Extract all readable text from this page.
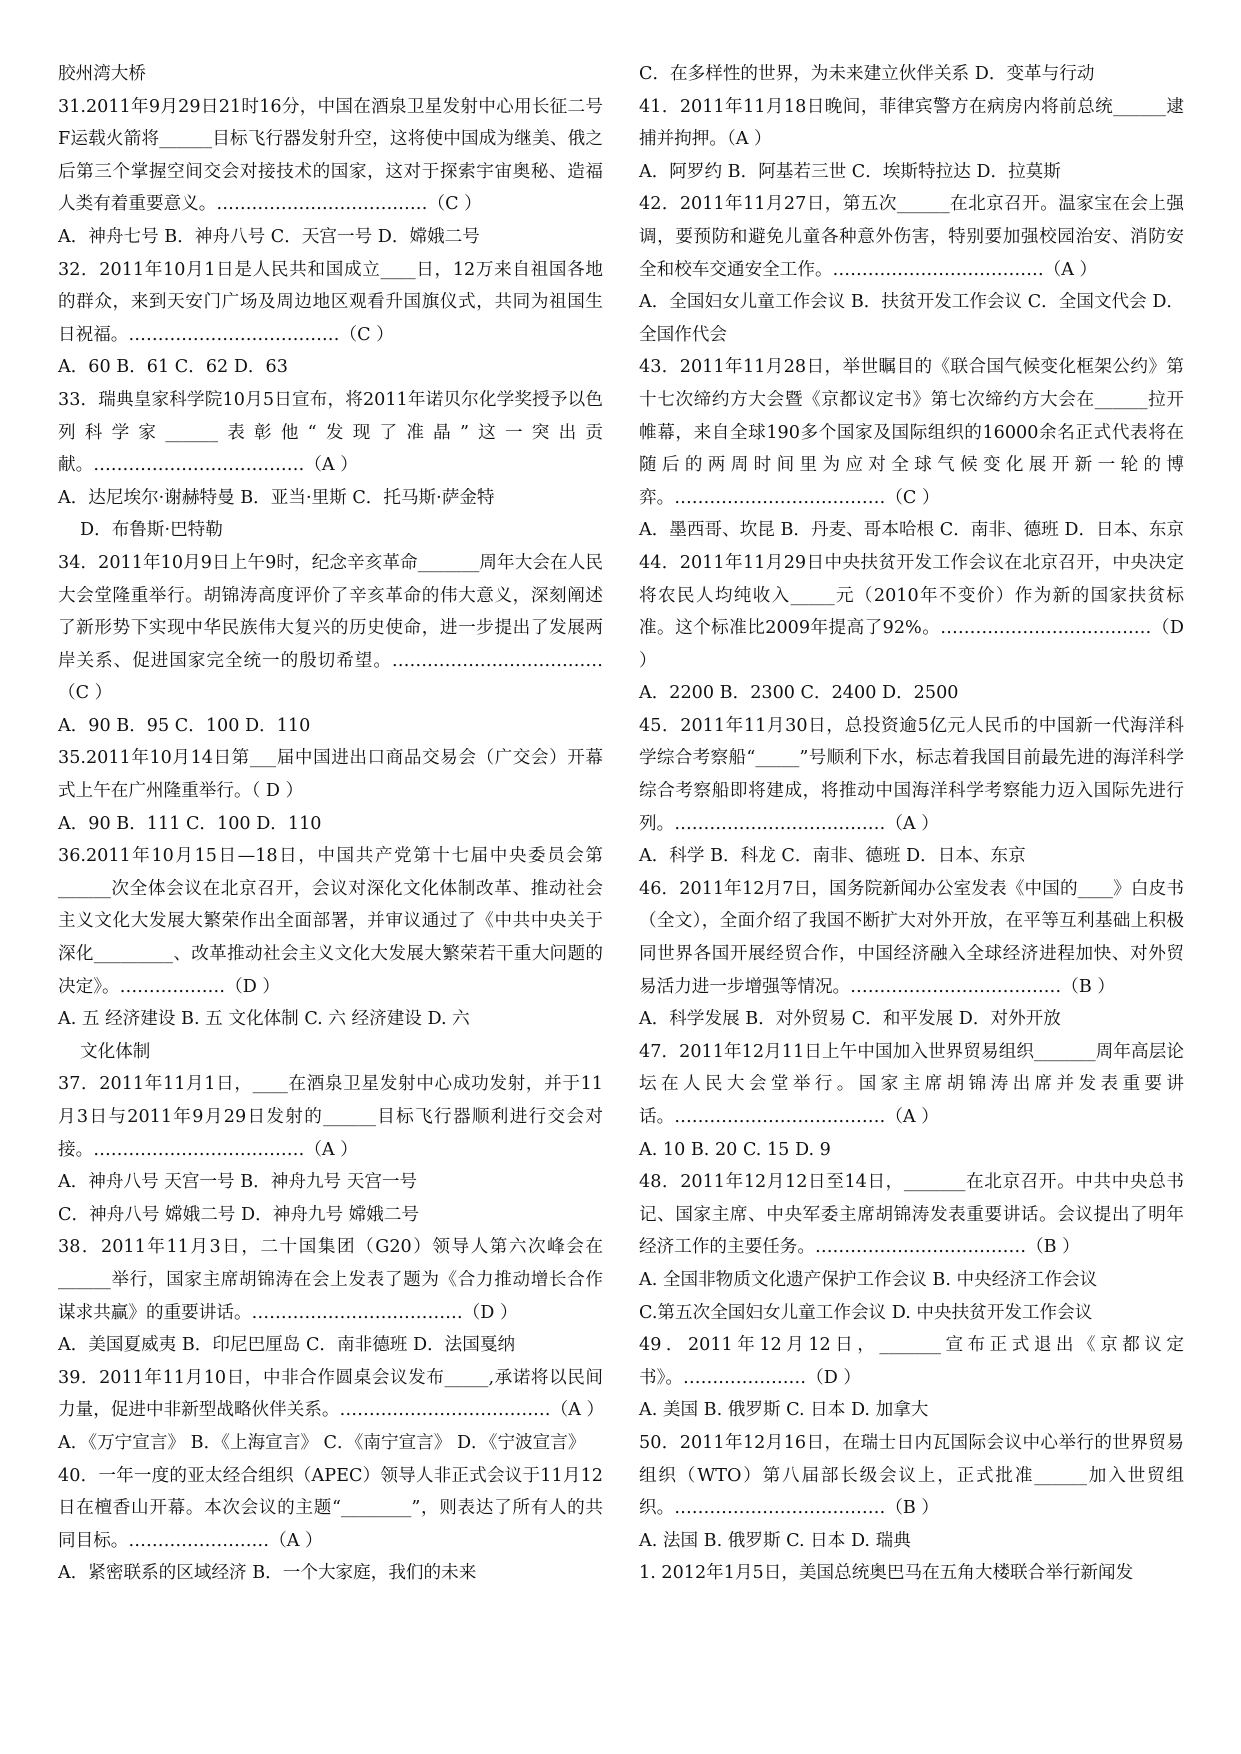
胶州湾大桥

31.2011年9月29日21时16分，中国在酒泉卫星发射中心用长征二号F运载火箭将______目标飞行器发射升空，这将使中国成为继美、俄之后第三个掌握空间交会对接技术的国家，这对于探索宇宙奥秘、造福人类有着重要意义。………………………………（C ）

A．神舟七号 B．神舟八号 C．天宫一号 D．嫦娥二号

32．2011年10月1日是人民共和国成立____日，12万来自祖国各地的群众，来到天安门广场及周边地区观看升国旗仪式，共同为祖国生日祝福。………………………………（C ）

A．60 B．61 C．62 D．63

33．瑞典皇家科学院10月5日宣布，将2011年诺贝尔化学奖授予以色列科学家______表彰他“发现了准晶”这一突出贡献。………………………………（A ）

A．达尼埃尔·谢赫特曼 B．亚当·里斯 C．托马斯·萨金特

D．布鲁斯·巴特勒

34．2011年10月9日上午9时，纪念辛亥革命_______周年大会在人民大会堂隆重举行。胡锦涛高度评价了辛亥革命的伟大意义，深刻阐述了新形势下实现中华民族伟大复兴的历史使命，进一步提出了发展两岸关系、促进国家完全统一的殷切希望。………………………………（C ）

A．90 B．95 C．100 D．110

35.2011年10月14日第___届中国进出口商品交易会（广交会）开幕式上午在广州隆重举行。（ D ）

A．90 B．111 C．100 D．110

36.2011年10月15日—18日，中国共产党第十七届中央委员会第______次全体会议在北京召开，会议对深化文化体制改革、推动社会主义文化大发展大繁荣作出全面部署，并审议通过了《中共中央关于深化_________、改革推动社会主义文化大发展大繁荣若干重大问题的决定》。………………（D ）

A. 五 经济建设 B. 五 文化体制 C. 六 经济建设 D. 六

文化体制

37．2011年11月1日，____在酒泉卫星发射中心成功发射，并于11月3日与2011年9月29日发射的______目标飞行器顺利进行交会对接。………………………………（A ）

A．神舟八号 天宫一号 B．神舟九号 天宫一号

C．神舟八号 嫦娥二号 D．神舟九号 嫦娥二号

38．2011年11月3日，二十国集团（G20）领导人第六次峰会在______举行，国家主席胡锦涛在会上发表了题为《合力推动增长合作谋求共赢》的重要讲话。………………………………（D ）

A．美国夏威夷 B．印尼巴厘岛 C．南非德班 D．法国戛纳

39．2011年11月10日，中非合作圆桌会议发布_____,承诺将以民间力量，促进中非新型战略伙伴关系。………………………………（A ）

A．《万宁宣言》 B．《上海宣言》 C．《南宁宣言》 D．《宁波宣言》

40．一年一度的亚太经合组织（APEC）领导人非正式会议于11月12日在檀香山开幕。本次会议的主题“________”，则表达了所有人的共同目标。……………………（A ）

A．紧密联系的区域经济 B．一个大家庭，我们的未来

C．在多样性的世界，为未来建立伙伴关系 D．变革与行动

41．2011年11月18日晚间，菲律宾警方在病房内将前总统______逮捕并拘押。（A ）

A．阿罗约 B．阿基若三世 C．埃斯特拉达 D．拉莫斯

42．2011年11月27日，第五次______在北京召开。温家宝在会上强调，要预防和避免儿童各种意外伤害，特别要加强校园治安、消防安全和校车交通安全工作。………………………………（A ）

A．全国妇女儿童工作会议 B．扶贫开发工作会议 C．全国文代会 D．全国作代会

43．2011年11月28日，举世瞩目的《联合国气候变化框架公约》第十七次缔约方大会暨《京都议定书》第七次缔约方大会在______拉开帷幕，来自全球190多个国家及国际组织的16000余名正式代表将在随后的两周时间里为应对全球气候变化展开新一轮的博弈。………………………………（C ）

A．墨西哥、坎昆 B．丹麦、哥本哈根 C．南非、德班 D．日本、东京

44．2011年11月29日中央扶贫开发工作会议在北京召开，中央决定将农民人均纯收入_____元（2010年不变价）作为新的国家扶贫标准。这个标准比2009年提高了92%。………………………………（D ）

A．2200 B．2300 C．2400 D．2500

45．2011年11月30日，总投资逾5亿元人民币的中国新一代海洋科学综合考察船“_____”号顺利下水，标志着我国目前最先进的海洋科学综合考察船即将建成，将推动中国海洋科学考察能力迈入国际先进行列。………………………………（A ）

A．科学 B．科龙 C．南非、德班 D．日本、东京

46．2011年12月7日，国务院新闻办公室发表《中国的____》白皮书（全文），全面介绍了我国不断扩大对外开放，在平等互利基础上积极同世界各国开展经贸合作，中国经济融入全球经济进程加快、对外贸易活力进一步增强等情况。………………………………（B ）

A．科学发展 B．对外贸易 C．和平发展 D．对外开放

47．2011年12月11日上午中国加入世界贸易组织_______周年高层论坛在人民大会堂举行。国家主席胡锦涛出席并发表重要讲话。………………………………（A ）

A. 10 B. 20 C. 15 D. 9

48．2011年12月12日至14日，_______在北京召开。中共中央总书记、国家主席、中央军委主席胡锦涛发表重要讲话。会议提出了明年经济工作的主要任务。………………………………（B ）

A. 全国非物质文化遗产保护工作会议 B. 中央经济工作会议

C.第五次全国妇女儿童工作会议 D. 中央扶贫开发工作会议

49．2011年12月12日，_______宣布正式退出《京都议定书》。…………………（D ）

A. 美国 B. 俄罗斯 C. 日本 D. 加拿大

50．2011年12月16日，在瑞士日内瓦国际会议中心举行的世界贸易组织（WTO）第八届部长级会议上，正式批准______加入世贸组织。………………………………（B ）

A. 法国 B. 俄罗斯 C. 日本 D. 瑞典

1. 2012年1月5日，美国总统奥巴马在五角大楼联合举行新闻发
